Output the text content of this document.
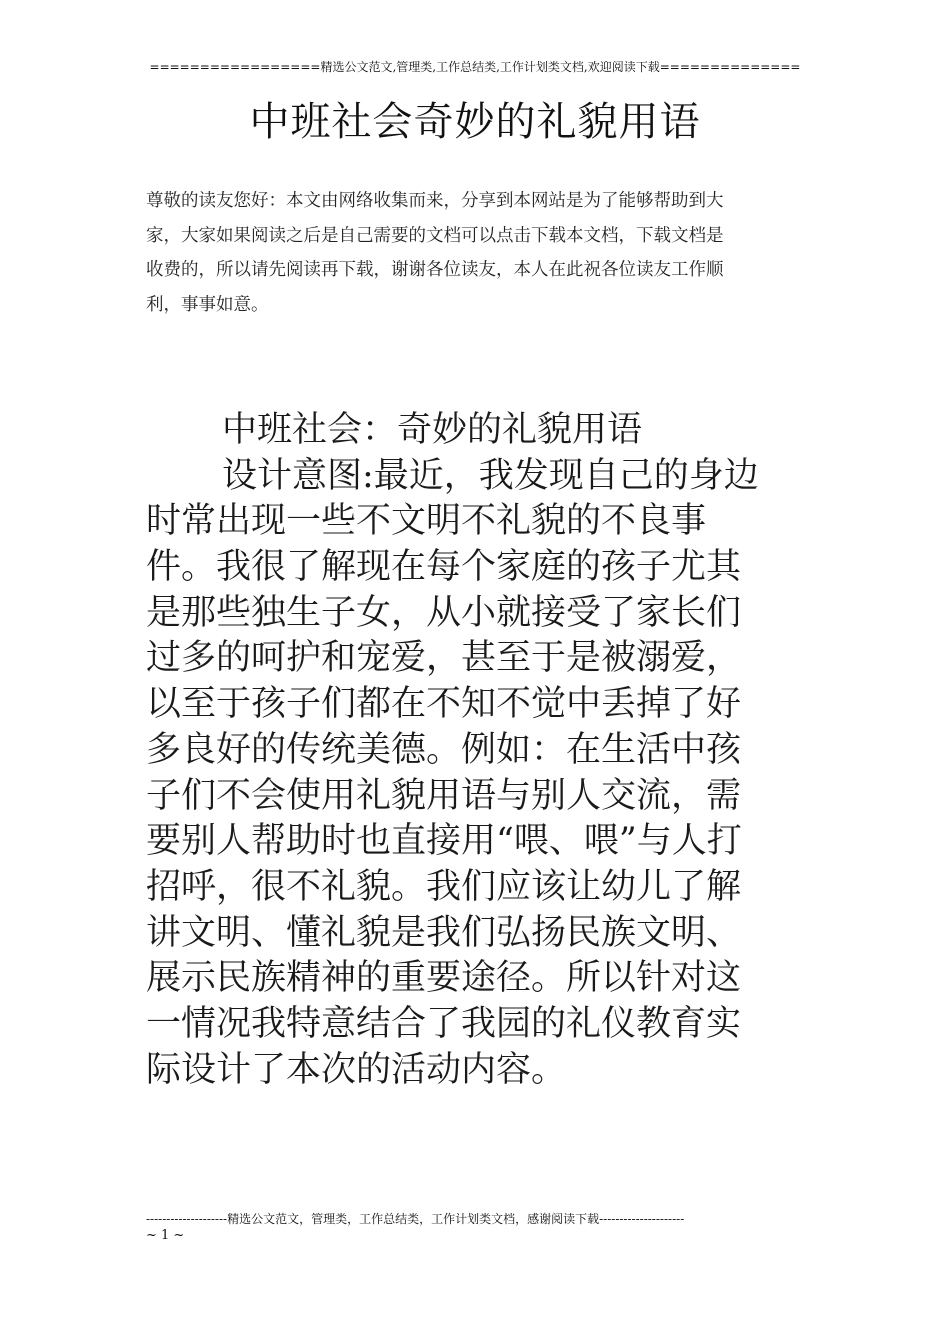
=================精选公文范文,管理类,工作总结类,工作计划类文档,欢迎阅读下载==============
中班社会奇妙的礼貌用语
尊敬的读友您好：本文由网络收集而来，分享到本网站是为了能够帮助到大
家，大家如果阅读之后是自己需要的文档可以点击下载本文档，下载文档是
收费的，所以请先阅读再下载，谢谢各位读友，本人在此祝各位读友工作顺
利，事事如意。
中班社会：奇妙的礼貌用语
设计意图:最近，我发现自己的身边
时常出现一些不文明不礼貌的不良事
件。我很了解现在每个家庭的孩子尤其
是那些独生子女，从小就接受了家长们
过多的呵护和宠爱，甚至于是被溺爱，
以至于孩子们都在不知不觉中丢掉了好
多良好的传统美德。例如：在生活中孩
子们不会使用礼貌用语与别人交流，需
要别人帮助时也直接用“喂、喂”与人打
招呼，很不礼貌。我们应该让幼儿了解
讲文明、懂礼貌是我们弘扬民族文明、
展示民族精神的重要途径。所以针对这
一情况我特意结合了我园的礼仪教育实
际设计了本次的活动内容。
--------------------精选公文范文，管理类，工作总结类，工作计划类文档，感谢阅读下载---------------------
~ 1 ~
